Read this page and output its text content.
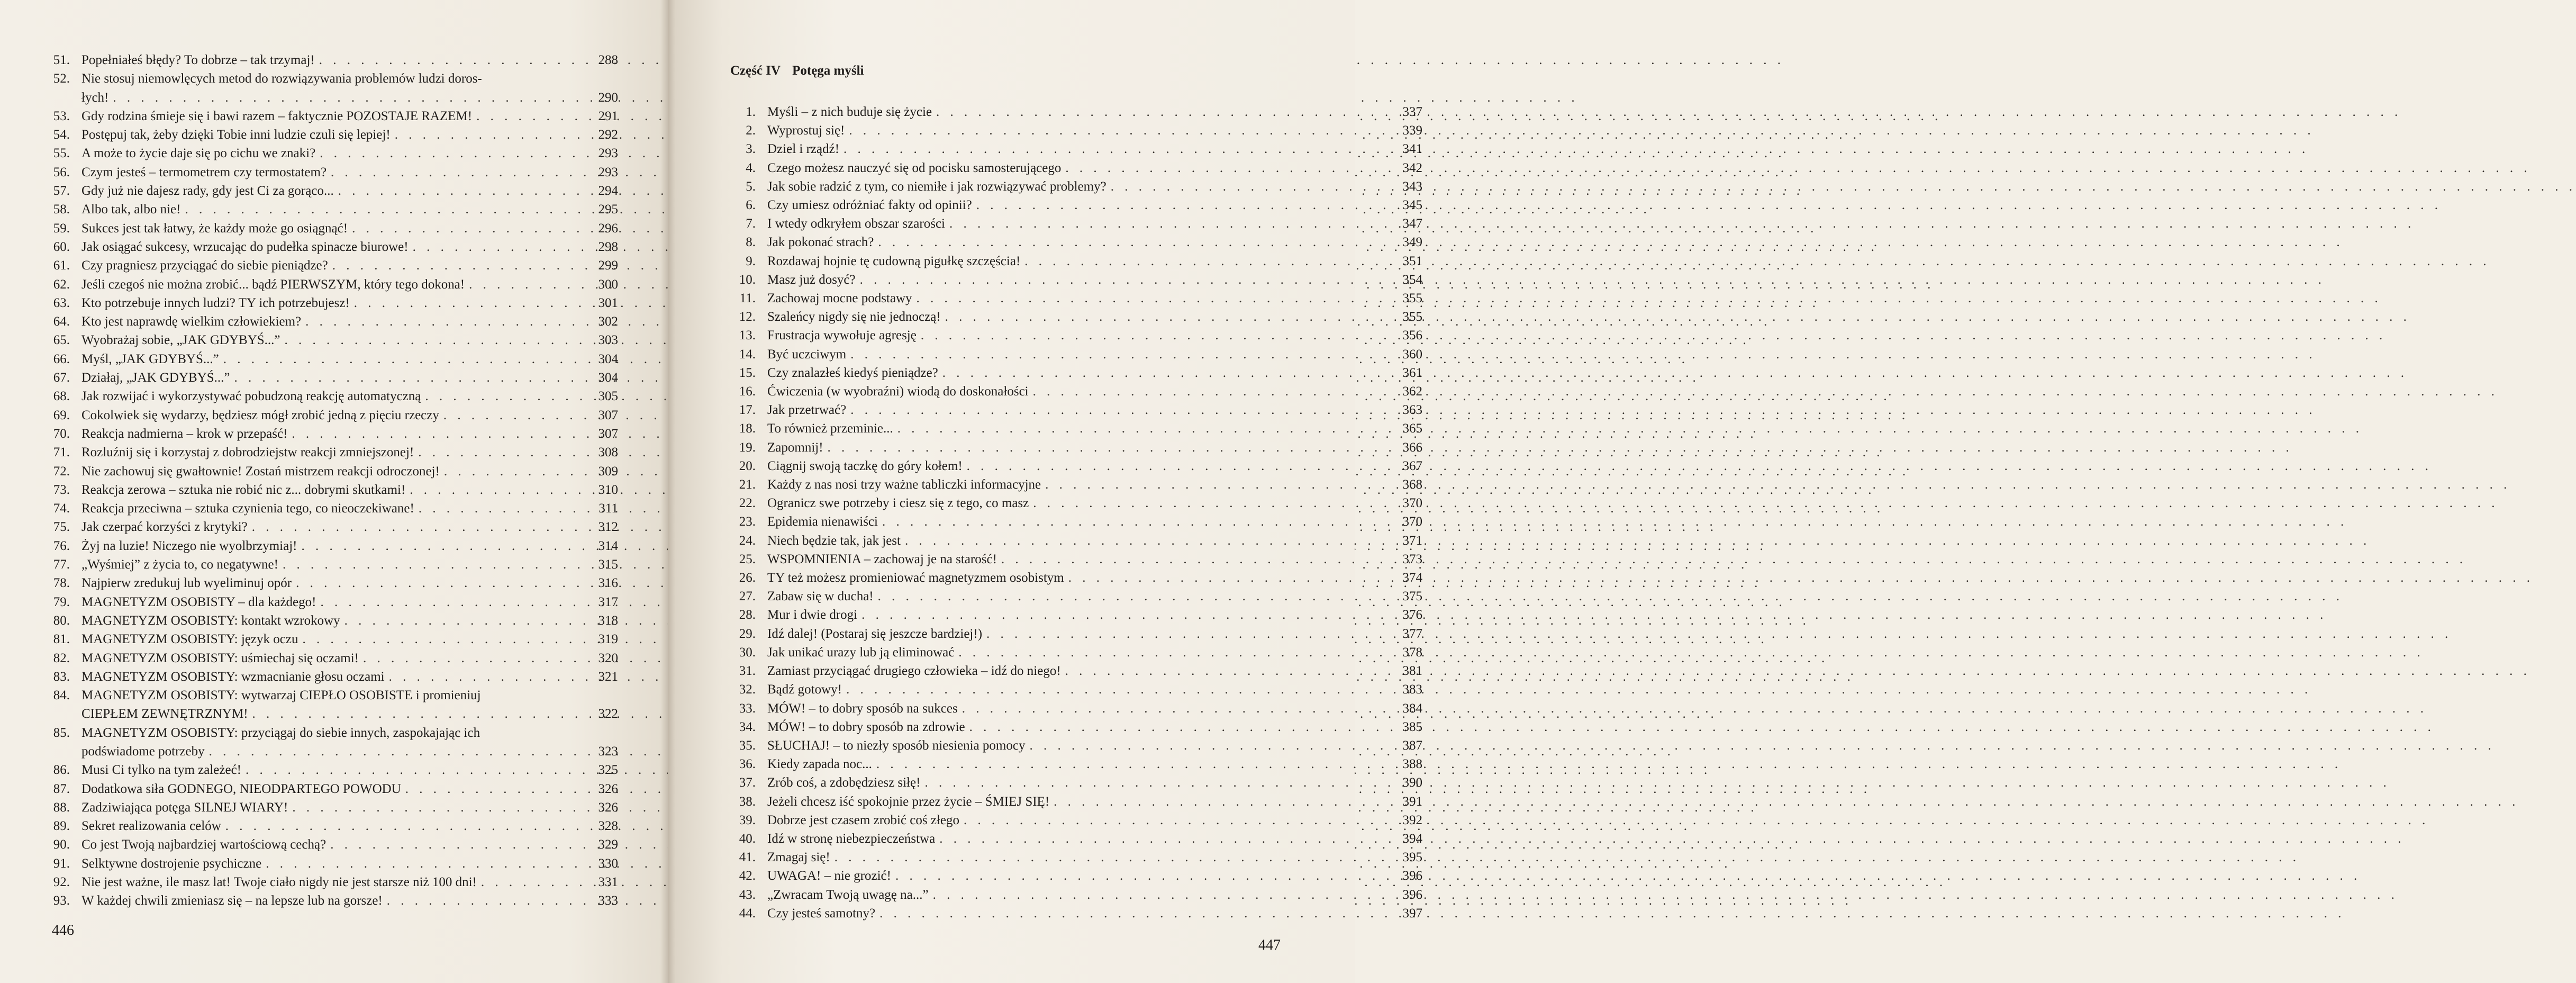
51. Popełniałeś błędy? To dobrze – tak trzymaj! . . .	288
52. Nie stosuj niemowlęcych metod do rozwiązywania problemów ludzi doros-
łych! . . .	290
53. Gdy rodzina śmieje się i bawi razem – faktycznie POZOSTAJE RAZEM! . . .	291
54. Postępuj tak, żeby dzięki Tobie inni ludzie czuli się lepiej! . . .	292
55. A może to życie daje się po cichu we znaki? . . .	293
56. Czym jesteś – termometrem czy termostatem? . . .	293
57. Gdy już nie dajesz rady, gdy jest Ci za gorąco... . . .	294
58. Albo tak, albo nie! . . .	295
59. Sukces jest tak łatwy, że każdy może go osiągnąć! . . .	296
60. Jak osiągać sukcesy, wrzucając do pudełka spinacze biurowe! . . .	298
61. Czy pragniesz przyciągać do siebie pieniądze? . . .	299
62. Jeśli czegoś nie można zrobić... bądź PIERWSZYM, który tego dokona! . . .	300
63. Kto potrzebuje innych ludzi? TY ich potrzebujesz! . . .	301
64. Kto jest naprawdę wielkim człowiekiem? . . .	302
65. Wyobrażaj sobie, „JAK GDYBYŚ...” . . .	303
66. Myśl, „JAK GDYBYŚ...” . . .	304
67. Działaj, „JAK GDYBYŚ...” . . .	304
68. Jak rozwijać i wykorzystywać pobudzoną reakcję automatyczną . . .	305
69. Cokolwiek się wydarzy, będziesz mógł zrobić jedną z pięciu rzeczy . . .	307
70. Reakcja nadmierna – krok w przepaść! . . .	307
71. Rozluźnij się i korzystaj z dobrodziejstw reakcji zmniejszonej! . . .	308
72. Nie zachowuj się gwałtownie! Zostań mistrzem reakcji odroczonej! . . .	309
73. Reakcja zerowa – sztuka nie robić nic z... dobrymi skutkami! . . .	310
74. Reakcja przeciwna – sztuka czynienia tego, co nieoczekiwane! . . .	311
75. Jak czerpać korzyści z krytyki? . . .	312
76. Żyj na luzie! Niczego nie wyolbrzymiaj! . . .	314
77. „Wyśmiej” z życia to, co negatywne! . . .	315
78. Najpierw zredukuj lub wyeliminuj opór . . .	316
79. MAGNETYZM OSOBISTY – dla każdego! . . .	317
80. MAGNETYZM OSOBISTY: kontakt wzrokowy . . .	318
81. MAGNETYZM OSOBISTY: język oczu . . .	319
82. MAGNETYZM OSOBISTY: uśmiechaj się oczami! . . .	320
83. MAGNETYZM OSOBISTY: wzmacnianie głosu oczami . . .	321
84. MAGNETYZM OSOBISTY: wytwarzaj CIEPŁO OSOBISTE i promieniuj
CIEPŁEM ZEWNĘTRZNYM! . . .	322
85. MAGNETYZM OSOBISTY: przyciągaj do siebie innych, zaspokajając ich
podświadome potrzeby . . .	323
86. Musi Ci tylko na tym zależeć! . . .	325
87. Dodatkowa siła GODNEGO, NIEODPARTEGO POWODU . . .	326
88. Zadziwiająca potęga SILNEJ WIARY! . . .	326
89. Sekret realizowania celów . . .	328
90. Co jest Twoją najbardziej wartościową cechą? . . .	329
91. Selktywne dostrojenie psychiczne . . .	330
92. Nie jest ważne, ile masz lat! Twoje ciało nigdy nie jest starsze niż 100 dni! . . .	331
93. W każdej chwili zmieniasz się – na lepsze lub na gorsze! . . .	333
446
1. Myśli – z nich buduje się życie . . .	337
2. Wyprostuj się! . . .	339
3. Dziel i rządź! . . .	341
4. Czego możesz nauczyć się od pocisku samosterującego . . .	342
5. Jak sobie radzić z tym, co niemiłe i jak rozwiązywać problemy? . . .	343
6. Czy umiesz odróżniać fakty od opinii? . . .	345
7. I wtedy odkryłem obszar szarości . . .	347
8. Jak pokonać strach? . . .	349
9. Rozdawaj hojnie tę cudowną pigułkę szczęścia! . . .	351
10. Masz już dosyć? . . .	354
11. Zachowaj mocne podstawy . . .	355
12. Szaleńcy nigdy się nie jednoczą! . . .	355
13. Frustracja wywołuje agresję . . .	356
14. Być uczciwym . . .	360
15. Czy znalazłeś kiedyś pieniądze? . . .	361
16. Ćwiczenia (w wyobraźni) wiodą do doskonałości . . .	362
17. Jak przetrwać? . . .	363
18. To również przeminie... . . .	365
19. Zapomnij! . . .	366
20. Ciągnij swoją taczkę do góry kołem! . . .	367
21. Każdy z nas nosi trzy ważne tabliczki informacyjne . . .	368
22. Ogranicz swe potrzeby i ciesz się z tego, co masz . . .	370
23. Epidemia nienawiści . . .	370
24. Niech będzie tak, jak jest . . .	371
25. WSPOMNIENIA – zachowaj je na starość! . . .	373
26. TY też możesz promieniować magnetyzmem osobistym . . .	374
27. Zabaw się w ducha! . . .	375
28. Mur i dwie drogi . . .	376
29. Idź dalej! (Postaraj się jeszcze bardziej!) . . .	377
30. Jak unikać urazy lub ją eliminować . . .	378
31. Zamiast przyciągać drugiego człowieka – idź do niego! . . .	381
32. Bądź gotowy! . . .	383
33. MÓW! – to dobry sposób na sukces . . .	384
34. MÓW! – to dobry sposób na zdrowie . . .	385
35. SŁUCHAJ! – to niezły sposób niesienia pomocy . . .	387
36. Kiedy zapada noc... . . .	388
37. Zrób coś, a zdobędziesz siłę! . . .	390
38. Jeżeli chcesz iść spokojnie przez życie – ŚMIEJ SIĘ! . . .	391
39. Dobrze jest czasem zrobić coś złego . . .	392
40. Idź w stronę niebezpieczeństwa . . .	394
41. Zmagaj się! . . .	395
42. UWAGA! – nie grozić! . . .	396
43. „Zwracam Twoją uwagę na...” . . .	396
44. Czy jesteś samotny? . . .	397
447
Część IV Potęga myśli
